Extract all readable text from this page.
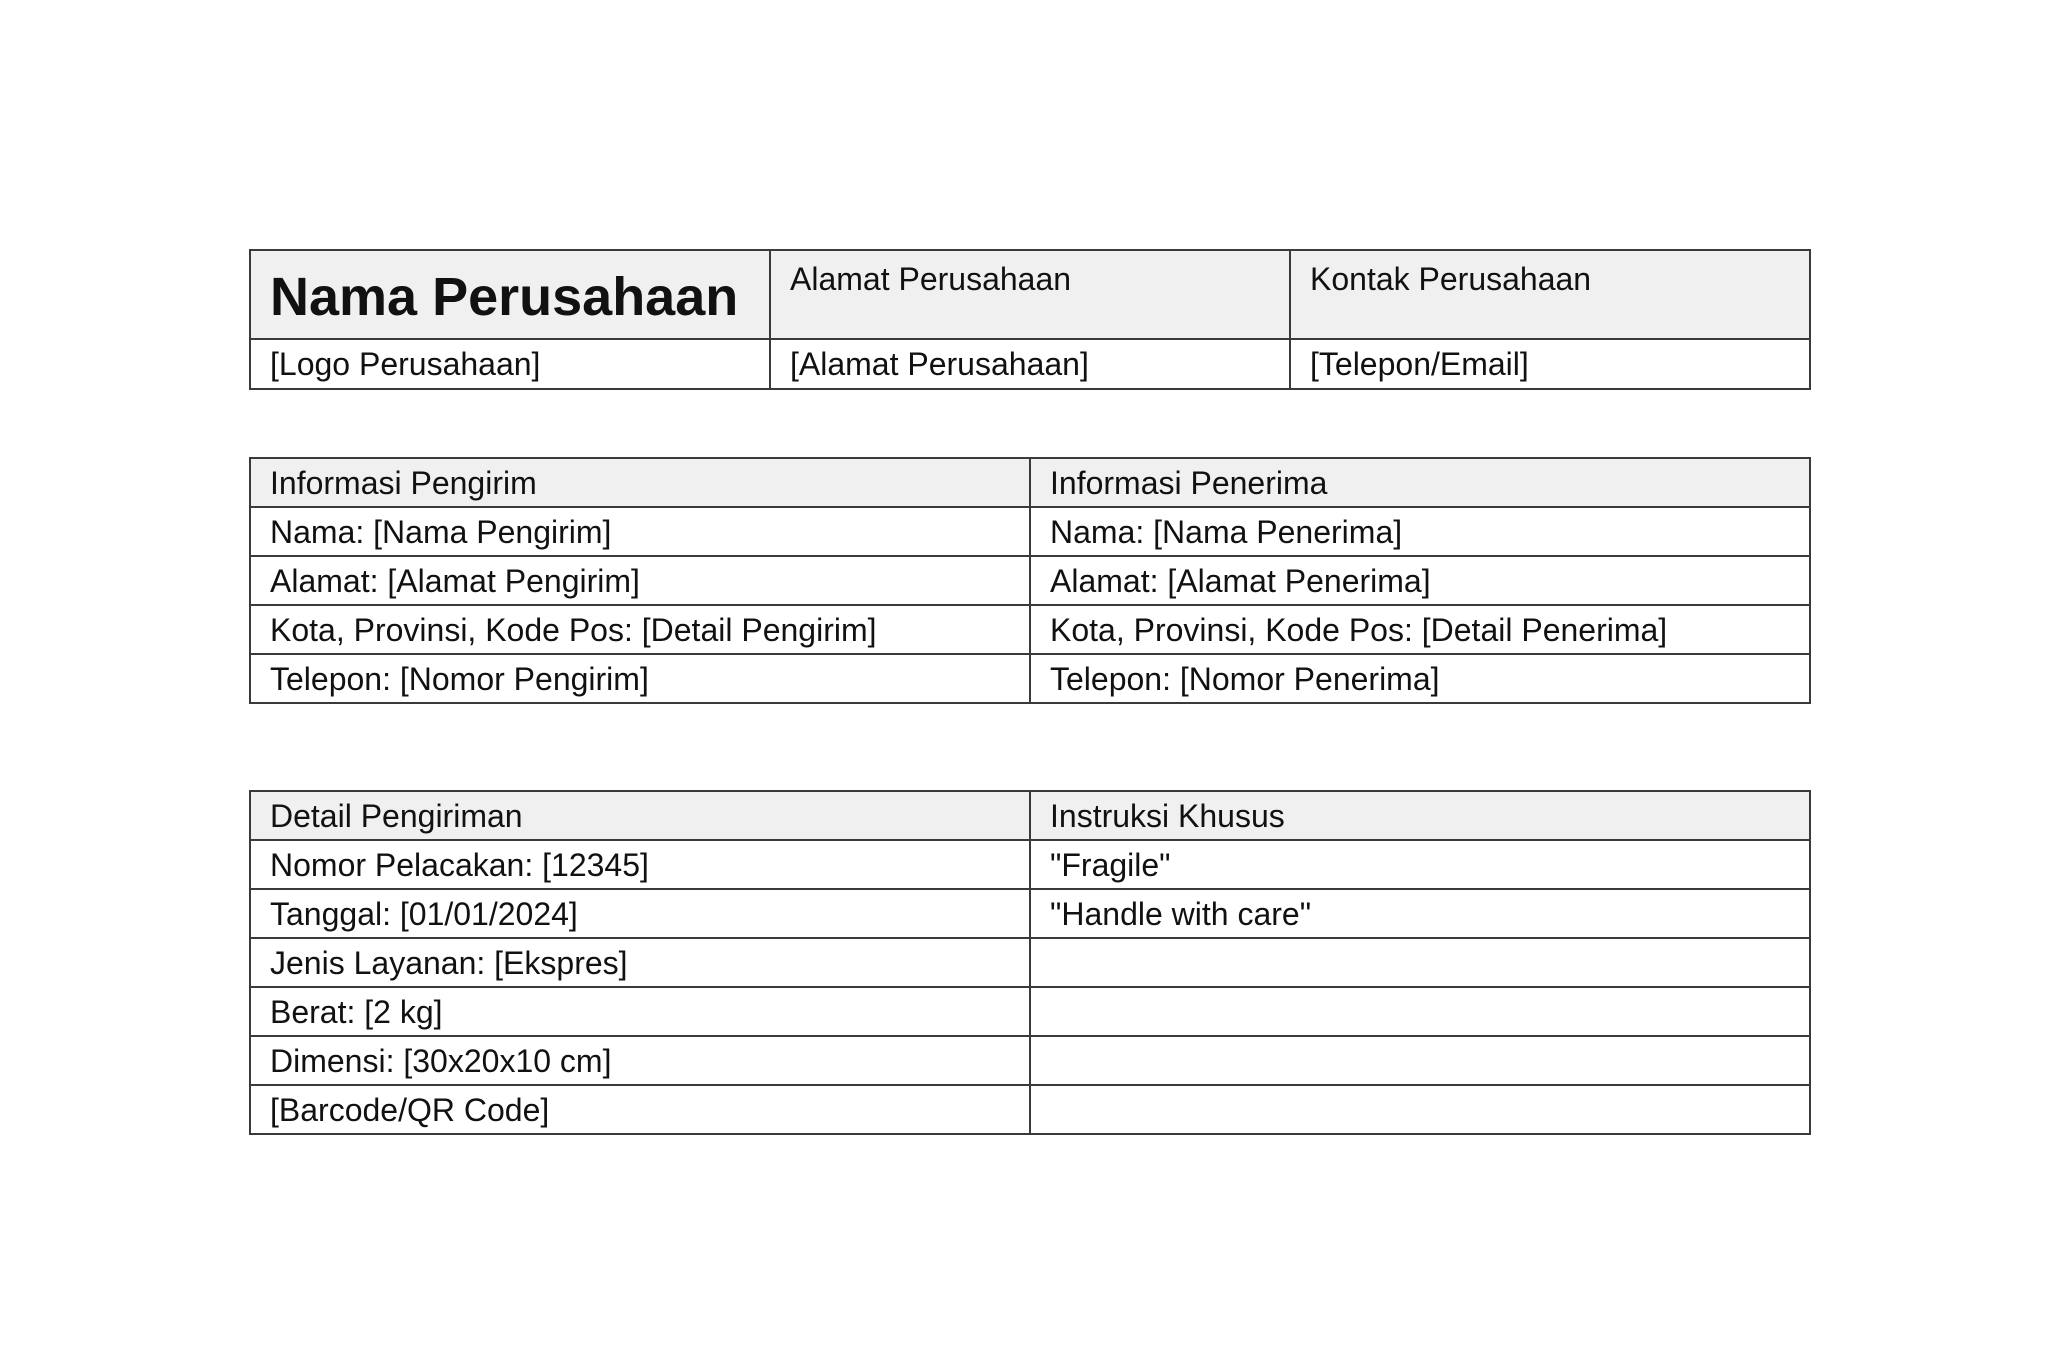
Nama Perusahaan	Alamat Perusahaan	Kontak Perusahaan
[Logo Perusahaan]	[Alamat Perusahaan]	[Telepon/Email]
Informasi Pengirim	Informasi Penerima
Nama: [Nama Pengirim]	Nama: [Nama Penerima]
Alamat: [Alamat Pengirim]	Alamat: [Alamat Penerima]
Kota, Provinsi, Kode Pos: [Detail Pengirim]	Kota, Provinsi, Kode Pos: [Detail Penerima]
Telepon: [Nomor Pengirim]	Telepon: [Nomor Penerima]
Detail Pengiriman	Instruksi Khusus
Nomor Pelacakan: [12345]	"Fragile"
Tanggal: [01/01/2024]	"Handle with care"
Jenis Layanan: [Ekspres]	
Berat: [2 kg]	
Dimensi: [30x20x10 cm]	
[Barcode/QR Code]	
